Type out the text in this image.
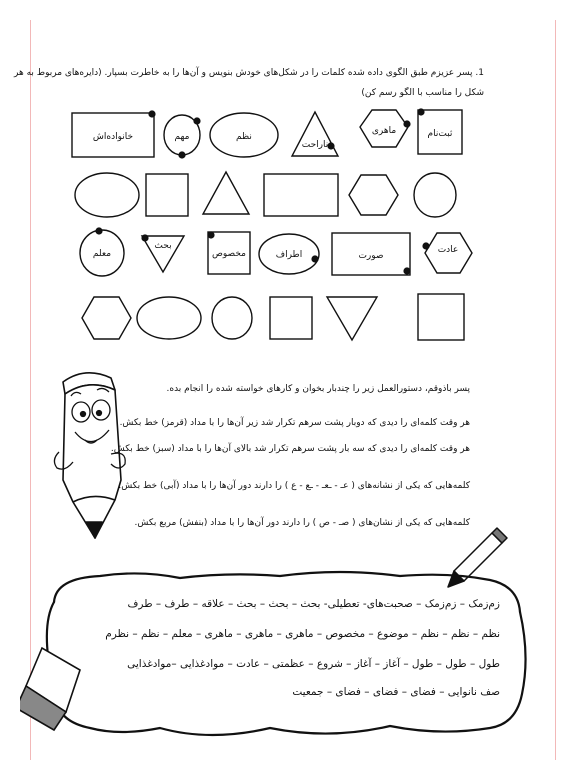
1. پسر عزیزم طبق الگوی داده شده کلمات را در شکل‌های خودش بنویس و آن‌ها را به خاطرت بسپار. (دایره‌های مربوط به هر
شکل را مناسب با الگو رسم کن)
خانواده‌اش	مهم	نظم
ناراحت
ماهری	ثبت‌نام
معلم
بحث
مخصوص	اطراف	صورت
عادت
پسر باذوقم، دستورالعمل زیر را چندبار بخوان و کارهای خواسته شده را انجام بده.
هر وقت کلمه‌ای را دیدی که دوبار پشت سرهم تکرار شد زیر آن‌ها را با مداد (قرمز) خط بکش.
هر وقت کلمه‌ای را دیدی که سه بار پشت سرهم تکرار شد بالای آن‌ها را با مداد (سبز) خط بکش.
کلمه‌هایی که یکی از نشانه‌های ( عـ - ـعـ - ـع - ع ) را دارند دور آن‌ها را با مداد (آبی) خط بکش.
کلمه‌هایی که یکی از نشان‌های ( صـ - ص ) را دارند دور آن‌ها را با مداد (بنفش) مربع بکش.
زم‌زمک – زم‌زمک – صحبت‌های- تعطیلی- بحث – بحث – بحث – علاقه – طرف – طرف
نظم – نظم – نظم – موضوع – مخصوص – ماهری – ماهری – ماهری – معلم – نظم – نظرم
طول – طول – طول – آغاز – آغاز – شروع – عظمتی – عادت – موادغذایی –موادغذایی
صف نانوایی – فضای – فضای – فضای – جمعیت
